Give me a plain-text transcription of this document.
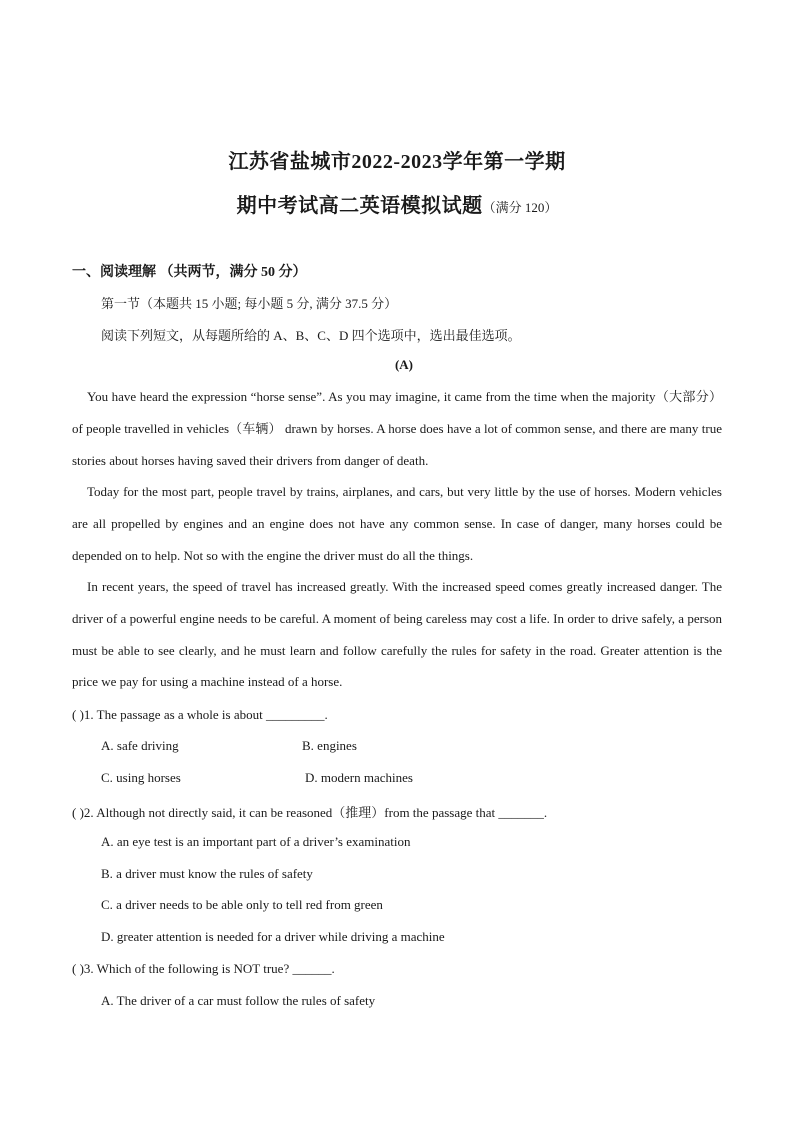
江苏省盐城市2022-2023学年第一学期
期中考试高二英语模拟试题（满分 120）
一、阅读理解 （共两节，满分 50 分）
第一节（本题共 15 小题; 每小题 5 分, 满分 37.5 分）
阅读下列短文，从每题所给的 A、B、C、D 四个选项中，选出最佳选项。
(A)
You have heard the expression “horse sense”. As you may imagine, it came from the time when the majority（大部分） of people travelled in vehicles（车辆） drawn by horses. A horse does have a lot of common sense, and there are many true stories about horses having saved their drivers from danger of death.
Today for the most part, people travel by trains, airplanes, and cars, but very little by the use of horses. Modern vehicles are all propelled by engines and an engine does not have any common sense. In case of danger, many horses could be depended on to help. Not so with the engine the driver must do all the things.
In recent years, the speed of travel has increased greatly. With the increased speed comes greatly increased danger. The driver of a powerful engine needs to be careful. A moment of being careless may cost a life. In order to drive safely, a person must be able to see clearly, and he must learn and follow carefully the rules for safety in the road. Greater attention is the price we pay for using a machine instead of a horse.
( )1. The passage as a whole is about _________.
A. safe driving	B. engines
C. using horses	D. modern machines
( )2. Although not directly said, it can be reasoned（推理）from the passage that _______.
A. an eye test is an important part of a driver’s examination
B. a driver must know the rules of safety
C. a driver needs to be able only to tell red from green
D. greater attention is needed for a driver while driving a machine
( )3. Which of the following is NOT true? ______.
A. The driver of a car must follow the rules of safety
